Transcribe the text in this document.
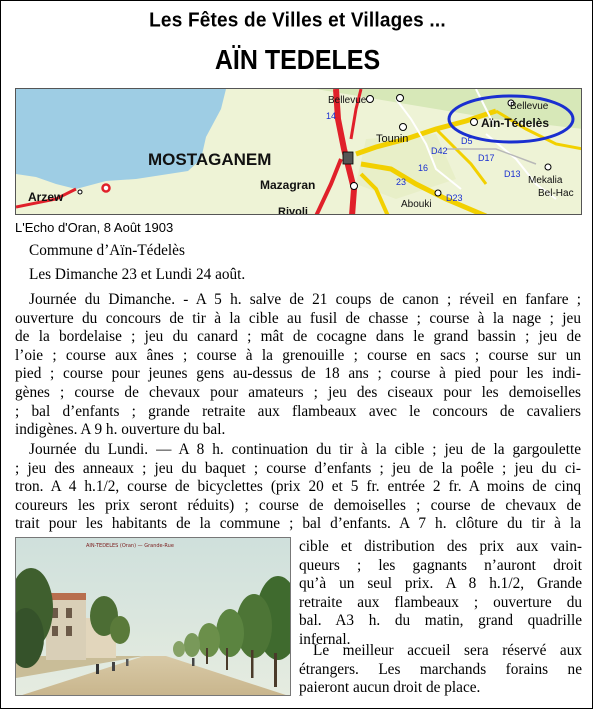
Les Fêtes de Villes et Villages ...
AÏN TEDELES
MOSTAGANEM
Mazagran
Arzew
Tounin
Bellevue
Bellevue
Aïn-Tédelès
Mekalia
Bel-Hac
Abouki
Rivoli
14
16
23
D42
D13
D17
D5
D23
L'Echo d'Oran, 8 Août 1903
Commune d’Aïn-Tédelès
Les Dimanche 23 et Lundi 24 août.
Journée du Dimanche. - A 5 h. salve de 21 coups de canon ; réveil en fanfare ;
ouverture du concours de tir à la cible au fusil de chasse ; course à la nage ; jeu
de la bordelaise ; jeu du canard ; mât de cocagne dans le grand bassin ; jeu de
l’oie ; course aux ânes ; course à la grenouille ; course en sacs ; course sur un
pied ; course pour jeunes gens au-dessus de 18 ans ; course à pied pour les indi-
gènes ; course de chevaux pour amateurs ; jeu des ciseaux pour les demoiselles
; bal d’enfants ; grande retraite aux flambeaux avec le concours de cavaliers
indigènes. A 9 h. ouverture du bal.
Journée du Lundi. — A 8 h. continuation du tir à la cible ; jeu de la gargoulette
; jeu des anneaux ; jeu du baquet ; course d’enfants ; jeu de la poêle ; jeu du ci-
tron. A 4 h.1/2, course de bicyclettes (prix 20 et 5 fr. entrée 2 fr. A moins de cinq
coureurs les prix seront réduits) ; course de demoiselles ; course de chevaux de
trait pour les habitants de la commune ; bal d’enfants. A 7 h. clôture du tir à la
AIN-TEDELES (Oran) — Grande-Rue	cible et distribution des prix aux vain-
queurs ; les gagnants n’auront droit
qu’à un seul prix. A 8 h.1/2, Grande
retraite aux flambeaux ; ouverture du
bal. A3 h. du matin, grand quadrille
infernal.
Le meilleur accueil sera réservé aux
étrangers. Les marchands forains ne
paieront aucun droit de place.
